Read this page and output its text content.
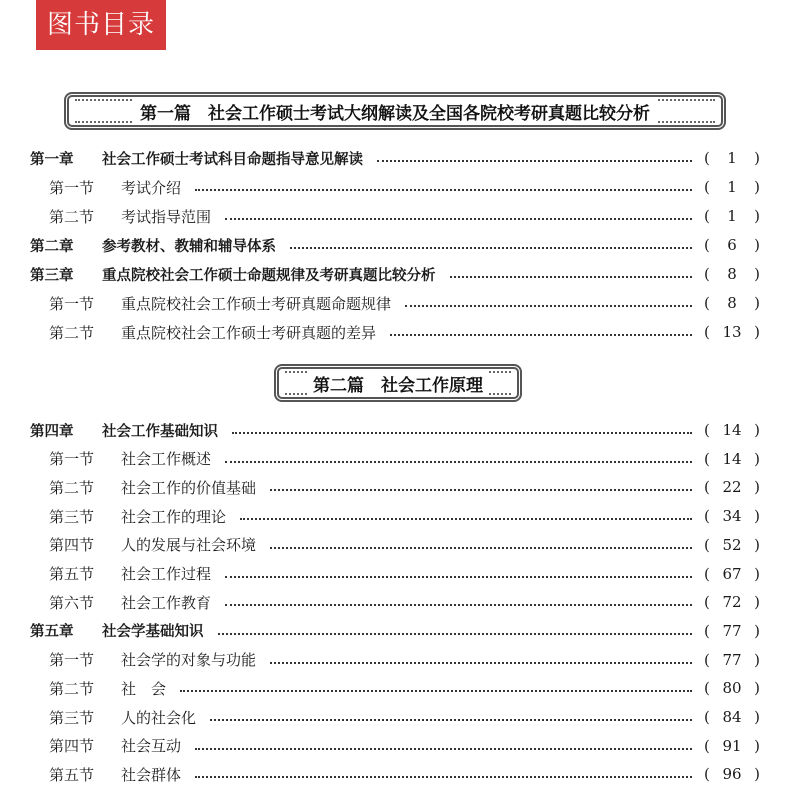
图书目录
第一篇　社会工作硕士考试大纲解读及全国各院校考研真题比较分析
第一章	社会工作硕士考试科目命题指导意见解读	(	1	)
第一节	考试介绍	(	1	)
第二节	考试指导范围	(	1	)
第二章	参考教材、教辅和辅导体系	(	6	)
第三章	重点院校社会工作硕士命题规律及考研真题比较分析	(	8	)
第一节	重点院校社会工作硕士考研真题命题规律	(	8	)
第二节	重点院校社会工作硕士考研真题的差异	( 13 )
第二篇　社会工作原理
第四章	社会工作基础知识	( 14 )
第一节	社会工作概述	( 14 )
第二节	社会工作的价值基础	( 22 )
第三节	社会工作的理论	( 34 )
第四节	人的发展与社会环境	( 52 )
第五节	社会工作过程	( 67 )
第六节	社会工作教育	( 72 )
第五章	社会学基础知识	( 77 )
第一节	社会学的对象与功能	( 77 )
第二节	社　会	( 80 )
第三节	人的社会化	( 84 )
第四节	社会互动	( 91 )
第五节	社会群体	( 96 )
